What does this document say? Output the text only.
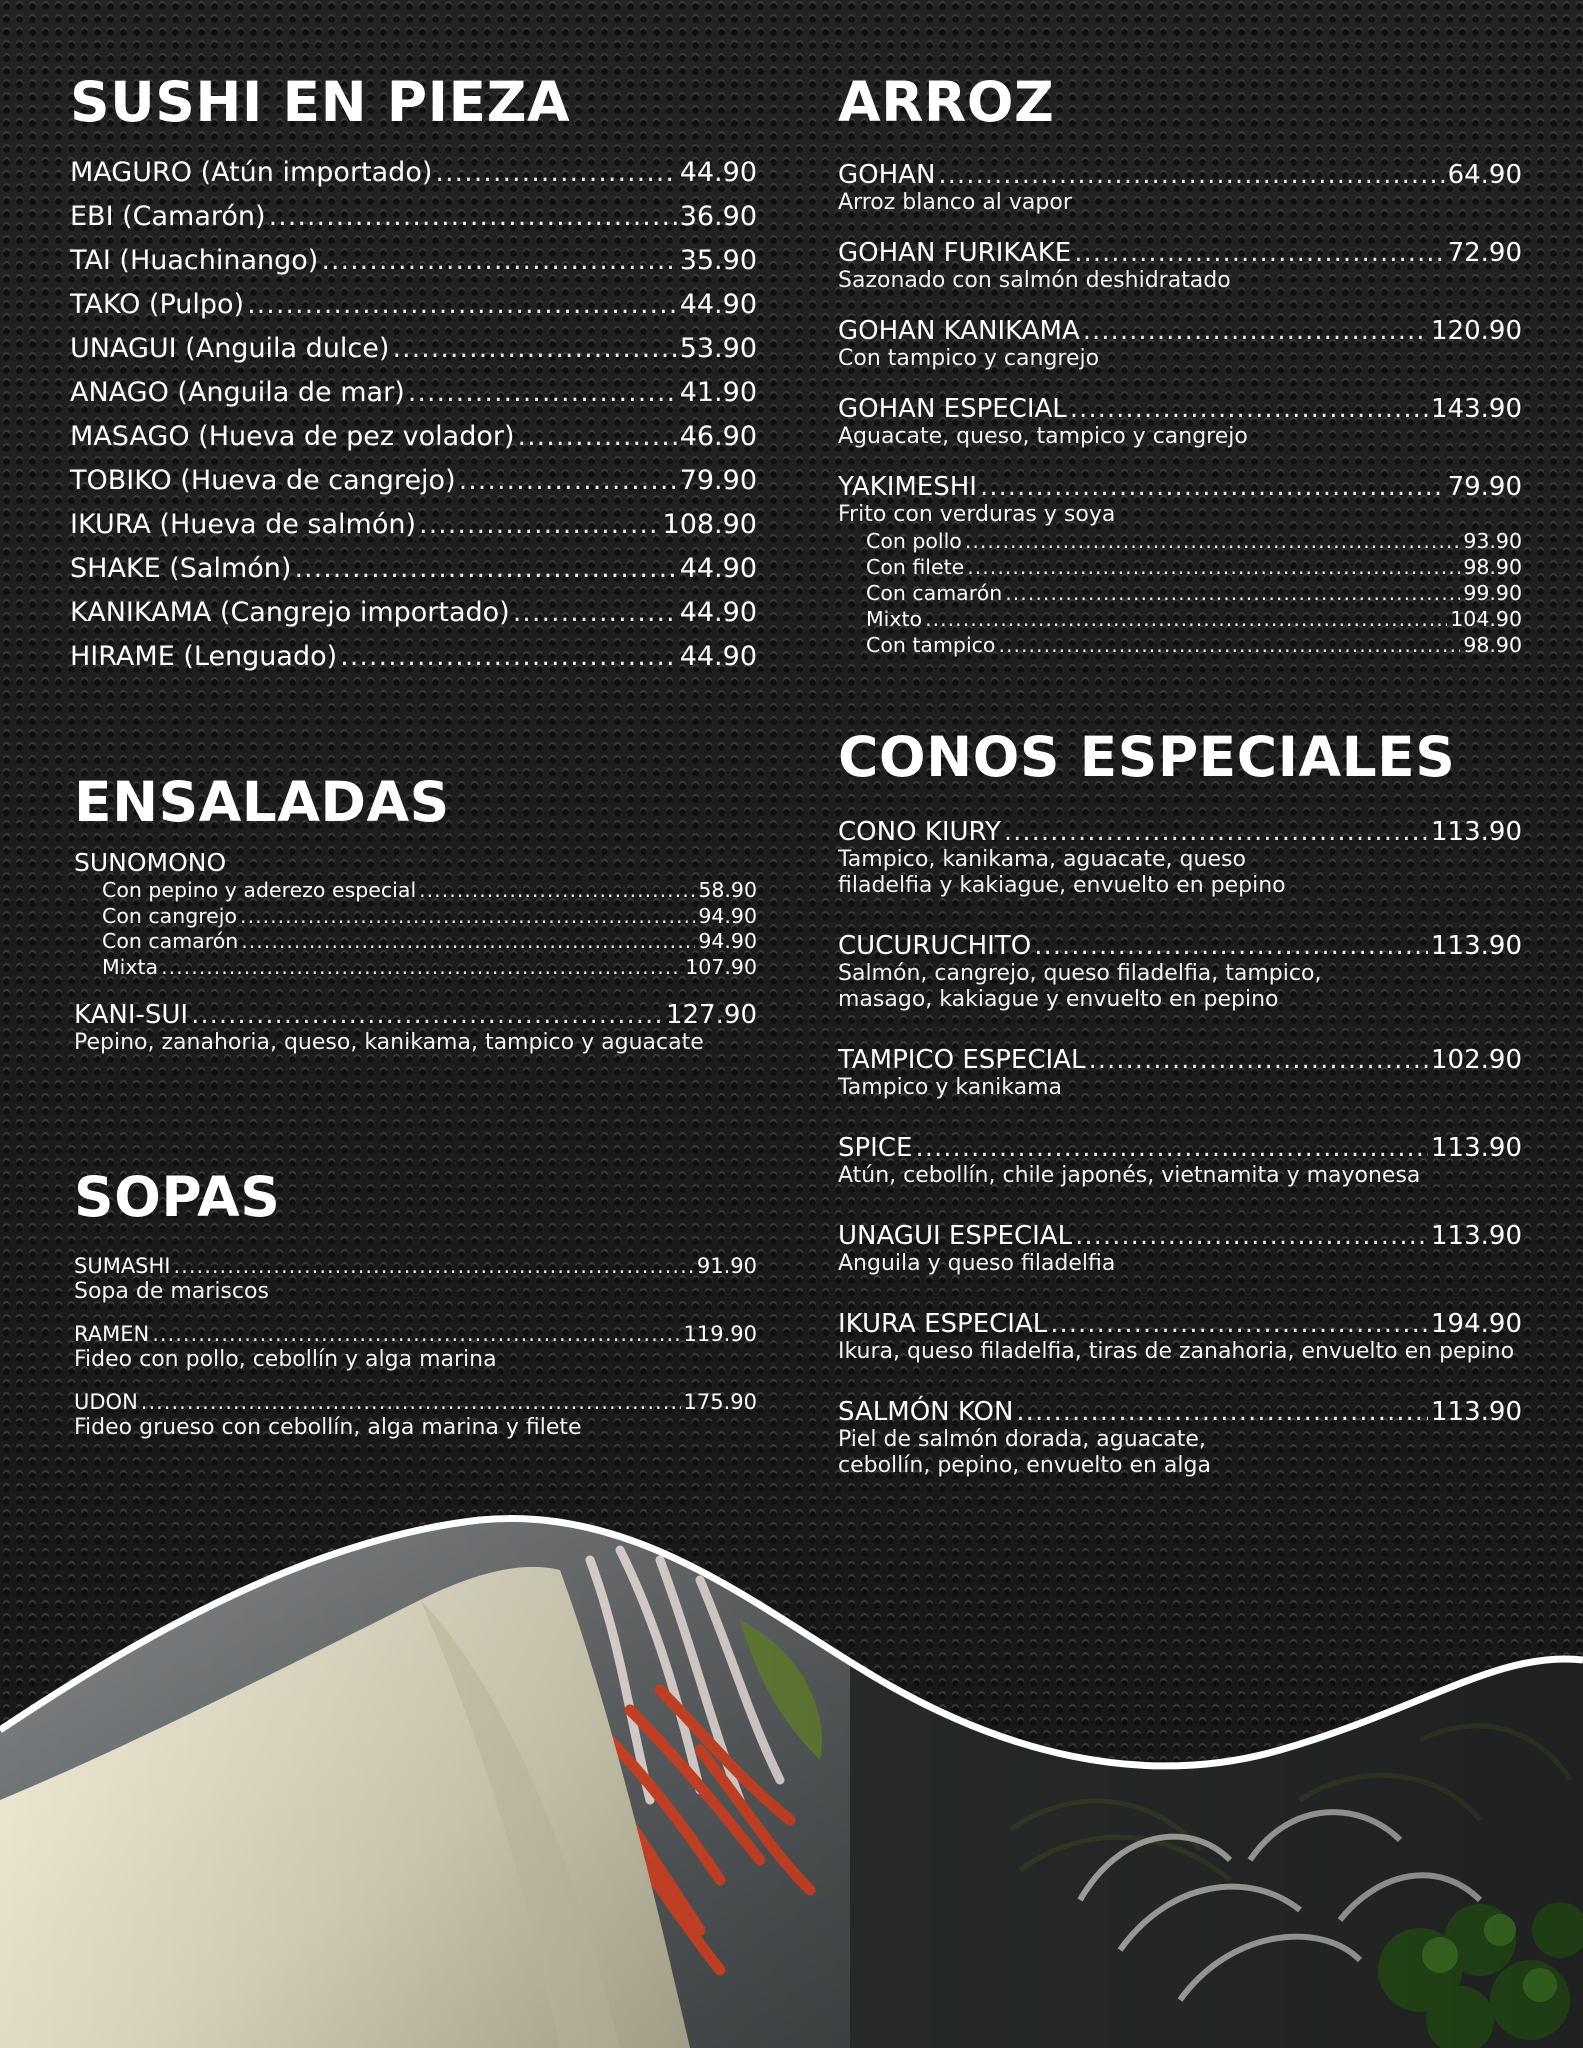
SUSHI EN PIEZA
MAGURO (Atún importado) .....	44.90
EBI (Camarón) .....	36.90
TAI (Huachinango) .....	35.90
TAKO (Pulpo) .....	44.90
UNAGUI (Anguila dulce) .....	53.90
ANAGO (Anguila de mar) .....	41.90
MASAGO (Hueva de pez volador) .....	46.90
TOBIKO (Hueva de cangrejo) .....	79.90
IKURA (Hueva de salmón) .....	108.90
SHAKE (Salmón) .....	44.90
KANIKAMA (Cangrejo importado) .....	44.90
HIRAME (Lenguado) .....	44.90
ENSALADAS
SUNOMONO
Con pepino y aderezo especial .....	58.90
Con cangrejo .....	94.90
Con camarón .....	94.90
Mixta .....	107.90
KANI-SUI .....	127.90
Pepino, zanahoria, queso, kanikama, tampico y aguacate
SOPAS
SUMASHI .....	91.90
Sopa de mariscos
RAMEN .....	119.90
Fideo con pollo, cebollín y alga marina
UDON .....	175.90
Fideo grueso con cebollín, alga marina y filete
ARROZ
GOHAN .....	64.90
Arroz blanco al vapor
GOHAN FURIKAKE .....	72.90
Sazonado con salmón deshidratado
GOHAN KANIKAMA .....	120.90
Con tampico y cangrejo
GOHAN ESPECIAL .....	143.90
Aguacate, queso, tampico y cangrejo
YAKIMESHI .....	79.90
Frito con verduras y soya
Con pollo .....	93.90
Con filete .....	98.90
Con camarón .....	99.90
Mixto .....	104.90
Con tampico .....	98.90
CONOS ESPECIALES
CONO KIURY .....	113.90
Tampico, kanikama, aguacate, queso
filadelfia y kakiague, envuelto en pepino
CUCURUCHITO .....	113.90
Salmón, cangrejo, queso filadelfia, tampico,
masago, kakiague y envuelto en pepino
TAMPICO ESPECIAL .....	102.90
Tampico y kanikama
SPICE .....	113.90
Atún, cebollín, chile japonés, vietnamita y mayonesa
UNAGUI ESPECIAL .....	113.90
Anguila y queso filadelfia
IKURA ESPECIAL .....	194.90
Ikura, queso filadelfia, tiras de zanahoria, envuelto en pepino
SALMÓN KON .....	113.90
Piel de salmón dorada, aguacate,
cebollín, pepino, envuelto en alga
